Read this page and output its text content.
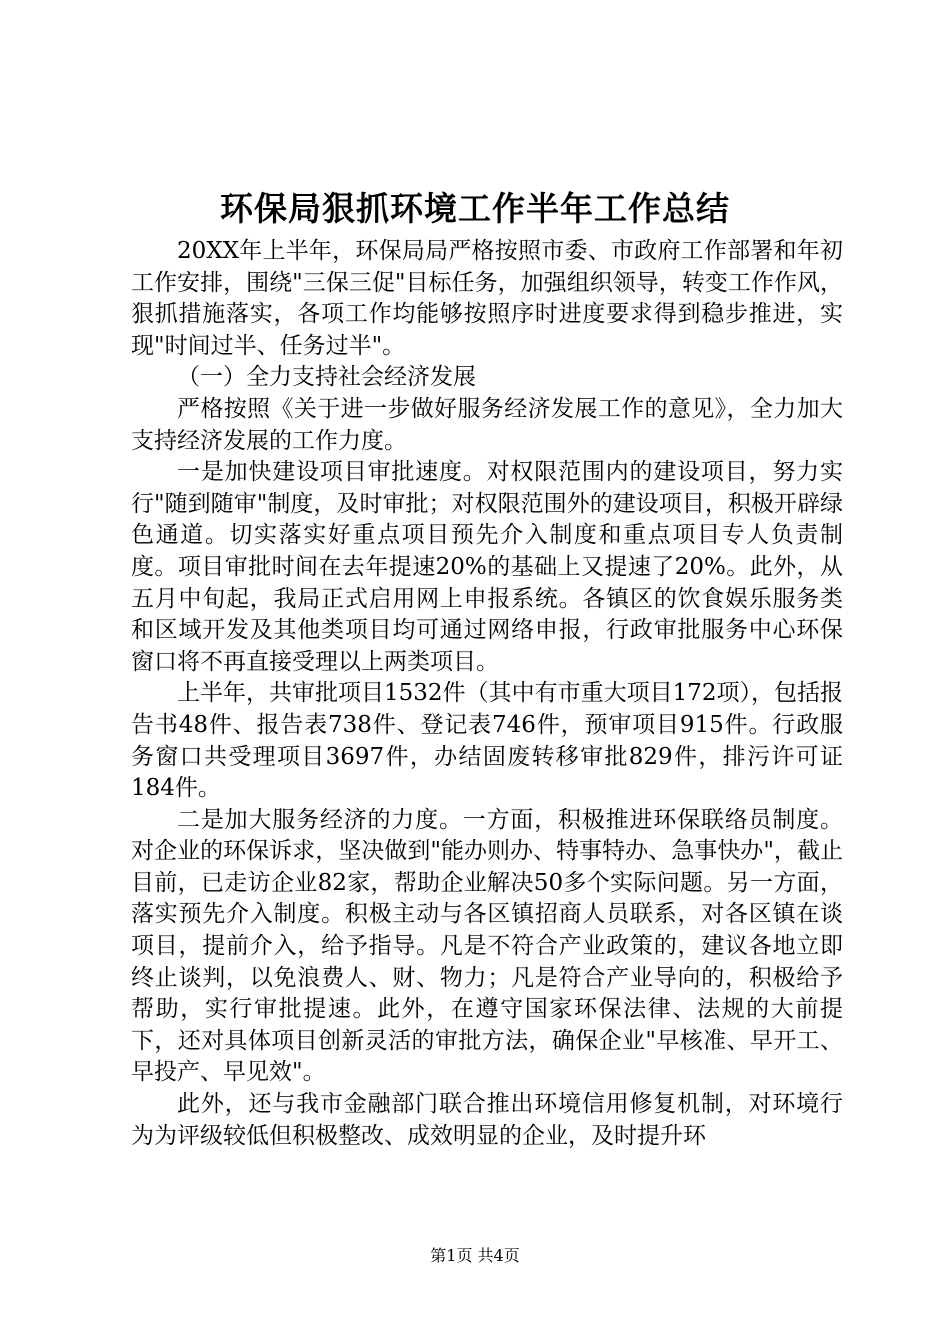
环保局狠抓环境工作半年工作总结

20XX年上半年，环保局局严格按照市委、市政府工作部署和年初工作安排，围绕"三保三促"目标任务，加强组织领导，转变工作作风，狠抓措施落实，各项工作均能够按照序时进度要求得到稳步推进，实现"时间过半、任务过半"。

（一）全力支持社会经济发展

严格按照《关于进一步做好服务经济发展工作的意见》，全力加大支持经济发展的工作力度。

一是加快建设项目审批速度。对权限范围内的建设项目，努力实行"随到随审"制度，及时审批；对权限范围外的建设项目，积极开辟绿色通道。切实落实好重点项目预先介入制度和重点项目专人负责制度。项目审批时间在去年提速20%的基础上又提速了20%。此外，从五月中旬起，我局正式启用网上申报系统。各镇区的饮食娱乐服务类和区域开发及其他类项目均可通过网络申报，行政审批服务中心环保窗口将不再直接受理以上两类项目。

上半年，共审批项目1532件（其中有市重大项目172项），包括报告书48件、报告表738件、登记表746件，预审项目915件。行政服务窗口共受理项目3697件，办结固废转移审批829件，排污许可证184件。

二是加大服务经济的力度。一方面，积极推进环保联络员制度。对企业的环保诉求，坚决做到"能办则办、特事特办、急事快办"，截止目前，已走访企业82家，帮助企业解决50多个实际问题。另一方面，落实预先介入制度。积极主动与各区镇招商人员联系，对各区镇在谈项目，提前介入，给予指导。凡是不符合产业政策的，建议各地立即终止谈判，以免浪费人、财、物力；凡是符合产业导向的，积极给予帮助，实行审批提速。此外，在遵守国家环保法律、法规的大前提下，还对具体项目创新灵活的审批方法，确保企业"早核准、早开工、早投产、早见效"。

此外，还与我市金融部门联合推出环境信用修复机制，对环境行为为评级较低但积极整改、成效明显的企业，及时提升环

第1页 共4页
